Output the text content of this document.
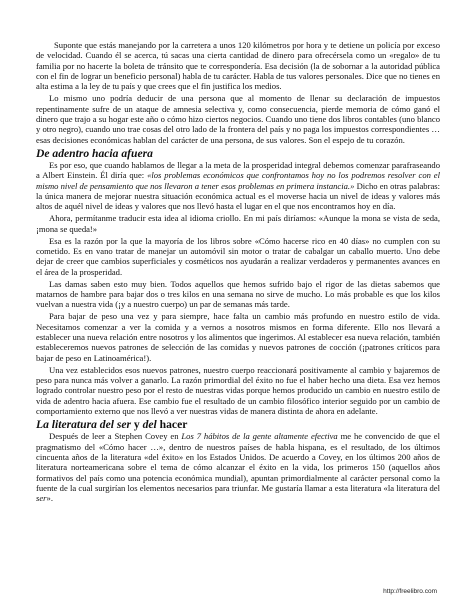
Suponte que estás manejando por la carretera a unos 120 kilómetros por hora y te detiene un policía por exceso de velocidad. Cuando él se acerca, tú sacas una cierta cantidad de dinero para ofrecérsela como un «regalo» de tu familia por no hacerte la boleta de tránsito que te correspondería. Esa decisión (la de sobornar a la autoridad pública con el fin de lograr un beneficio personal) habla de tu carácter. Habla de tus valores personales. Dice que no tienes en alta estima a la ley de tu país y que crees que el fin justifica los medios.

Lo mismo uno podría deducir de una persona que al momento de llenar su declaración de impuestos repentinamente sufre de un ataque de amnesia selectiva y, como consecuencia, pierde memoria de cómo ganó el dinero que trajo a su hogar este año o cómo hizo ciertos negocios. Cuando uno tiene dos libros contables (uno blanco y otro negro), cuando uno trae cosas del otro lado de la frontera del país y no paga los impuestos correspondientes … esas decisiones económicas hablan del carácter de una persona, de sus valores. Son el espejo de tu corazón.

De adentro hacia afuera

Es por eso, que cuando hablamos de llegar a la meta de la prosperidad integral debemos comenzar parafraseando a Albert Einstein. Él diría que: «los problemas económicos que confrontamos hoy no los podremos resolver con el mismo nivel de pensamiento que nos llevaron a tener esos problemas en primera instancia.» Dicho en otras palabras: la única manera de mejorar nuestra situación económica actual es el moverse hacia un nivel de ideas y valores más altos de aquél nivel de ideas y valores que nos llevó hasta el lugar en el que nos encontramos hoy en día.

Ahora, permítanme traducir esta idea al idioma criollo. En mi país diríamos: «Aunque la mona se vista de seda, ¡mona se queda!»

Esa es la razón por la que la mayoría de los libros sobre «Cómo hacerse rico en 40 días» no cumplen con su cometido. Es en vano tratar de manejar un automóvil sin motor o tratar de cabalgar un caballo muerto. Uno debe dejar de creer que cambios superficiales y cosméticos nos ayudarán a realizar verdaderos y permanentes avances en el área de la prosperidad.

Las damas saben esto muy bien. Todos aquellos que hemos sufrido bajo el rigor de las dietas sabemos que matarnos de hambre para bajar dos o tres kilos en una semana no sirve de mucho. Lo más probable es que los kilos vuelvan a nuestra vida (¡y a nuestro cuerpo) un par de semanas más tarde.

Para bajar de peso una vez y para siempre, hace falta un cambio más profundo en nuestro estilo de vida. Necesitamos comenzar a ver la comida y a vernos a nosotros mismos en forma diferente. Ello nos llevará a establecer una nueva relación entre nosotros y los alimentos que ingerimos. Al establecer esa nueva relación, también estableceremos nuevos patrones de selección de las comidas y nuevos patrones de cocción (¡patrones críticos para bajar de peso en Latinoamérica!).

Una vez establecidos esos nuevos patrones, nuestro cuerpo reaccionará positivamente al cambio y bajaremos de peso para nunca más volver a ganarlo. La razón primordial del éxito no fue el haber hecho una dieta. Esa vez hemos logrado controlar nuestro peso por el resto de nuestras vidas porque hemos producido un cambio en nuestro estilo de vida de adentro hacia afuera. Ese cambio fue el resultado de un cambio filosófico interior seguido por un cambio de comportamiento externo que nos llevó a ver nuestras vidas de manera distinta de ahora en adelante.

La literatura del ser y del hacer

Después de leer a Stephen Covey en Los 7 hábitos de la gente altamente efectiva me he convencido de que el pragmatismo del «Cómo hacer …», dentro de nuestros países de habla hispana, es el resultado, de los últimos cincuenta años de la literatura «del éxito» en los Estados Unidos. De acuerdo a Covey, en los últimos 200 años de literatura norteamericana sobre el tema de cómo alcanzar el éxito en la vida, los primeros 150 (aquellos años formativos del país como una potencia económica mundial), apuntan primordialmente al carácter personal como la fuente de la cual surgirían los elementos necesarios para triunfar. Me gustaría llamar a esta literatura «la literatura del ser».

http://freelibro.com
